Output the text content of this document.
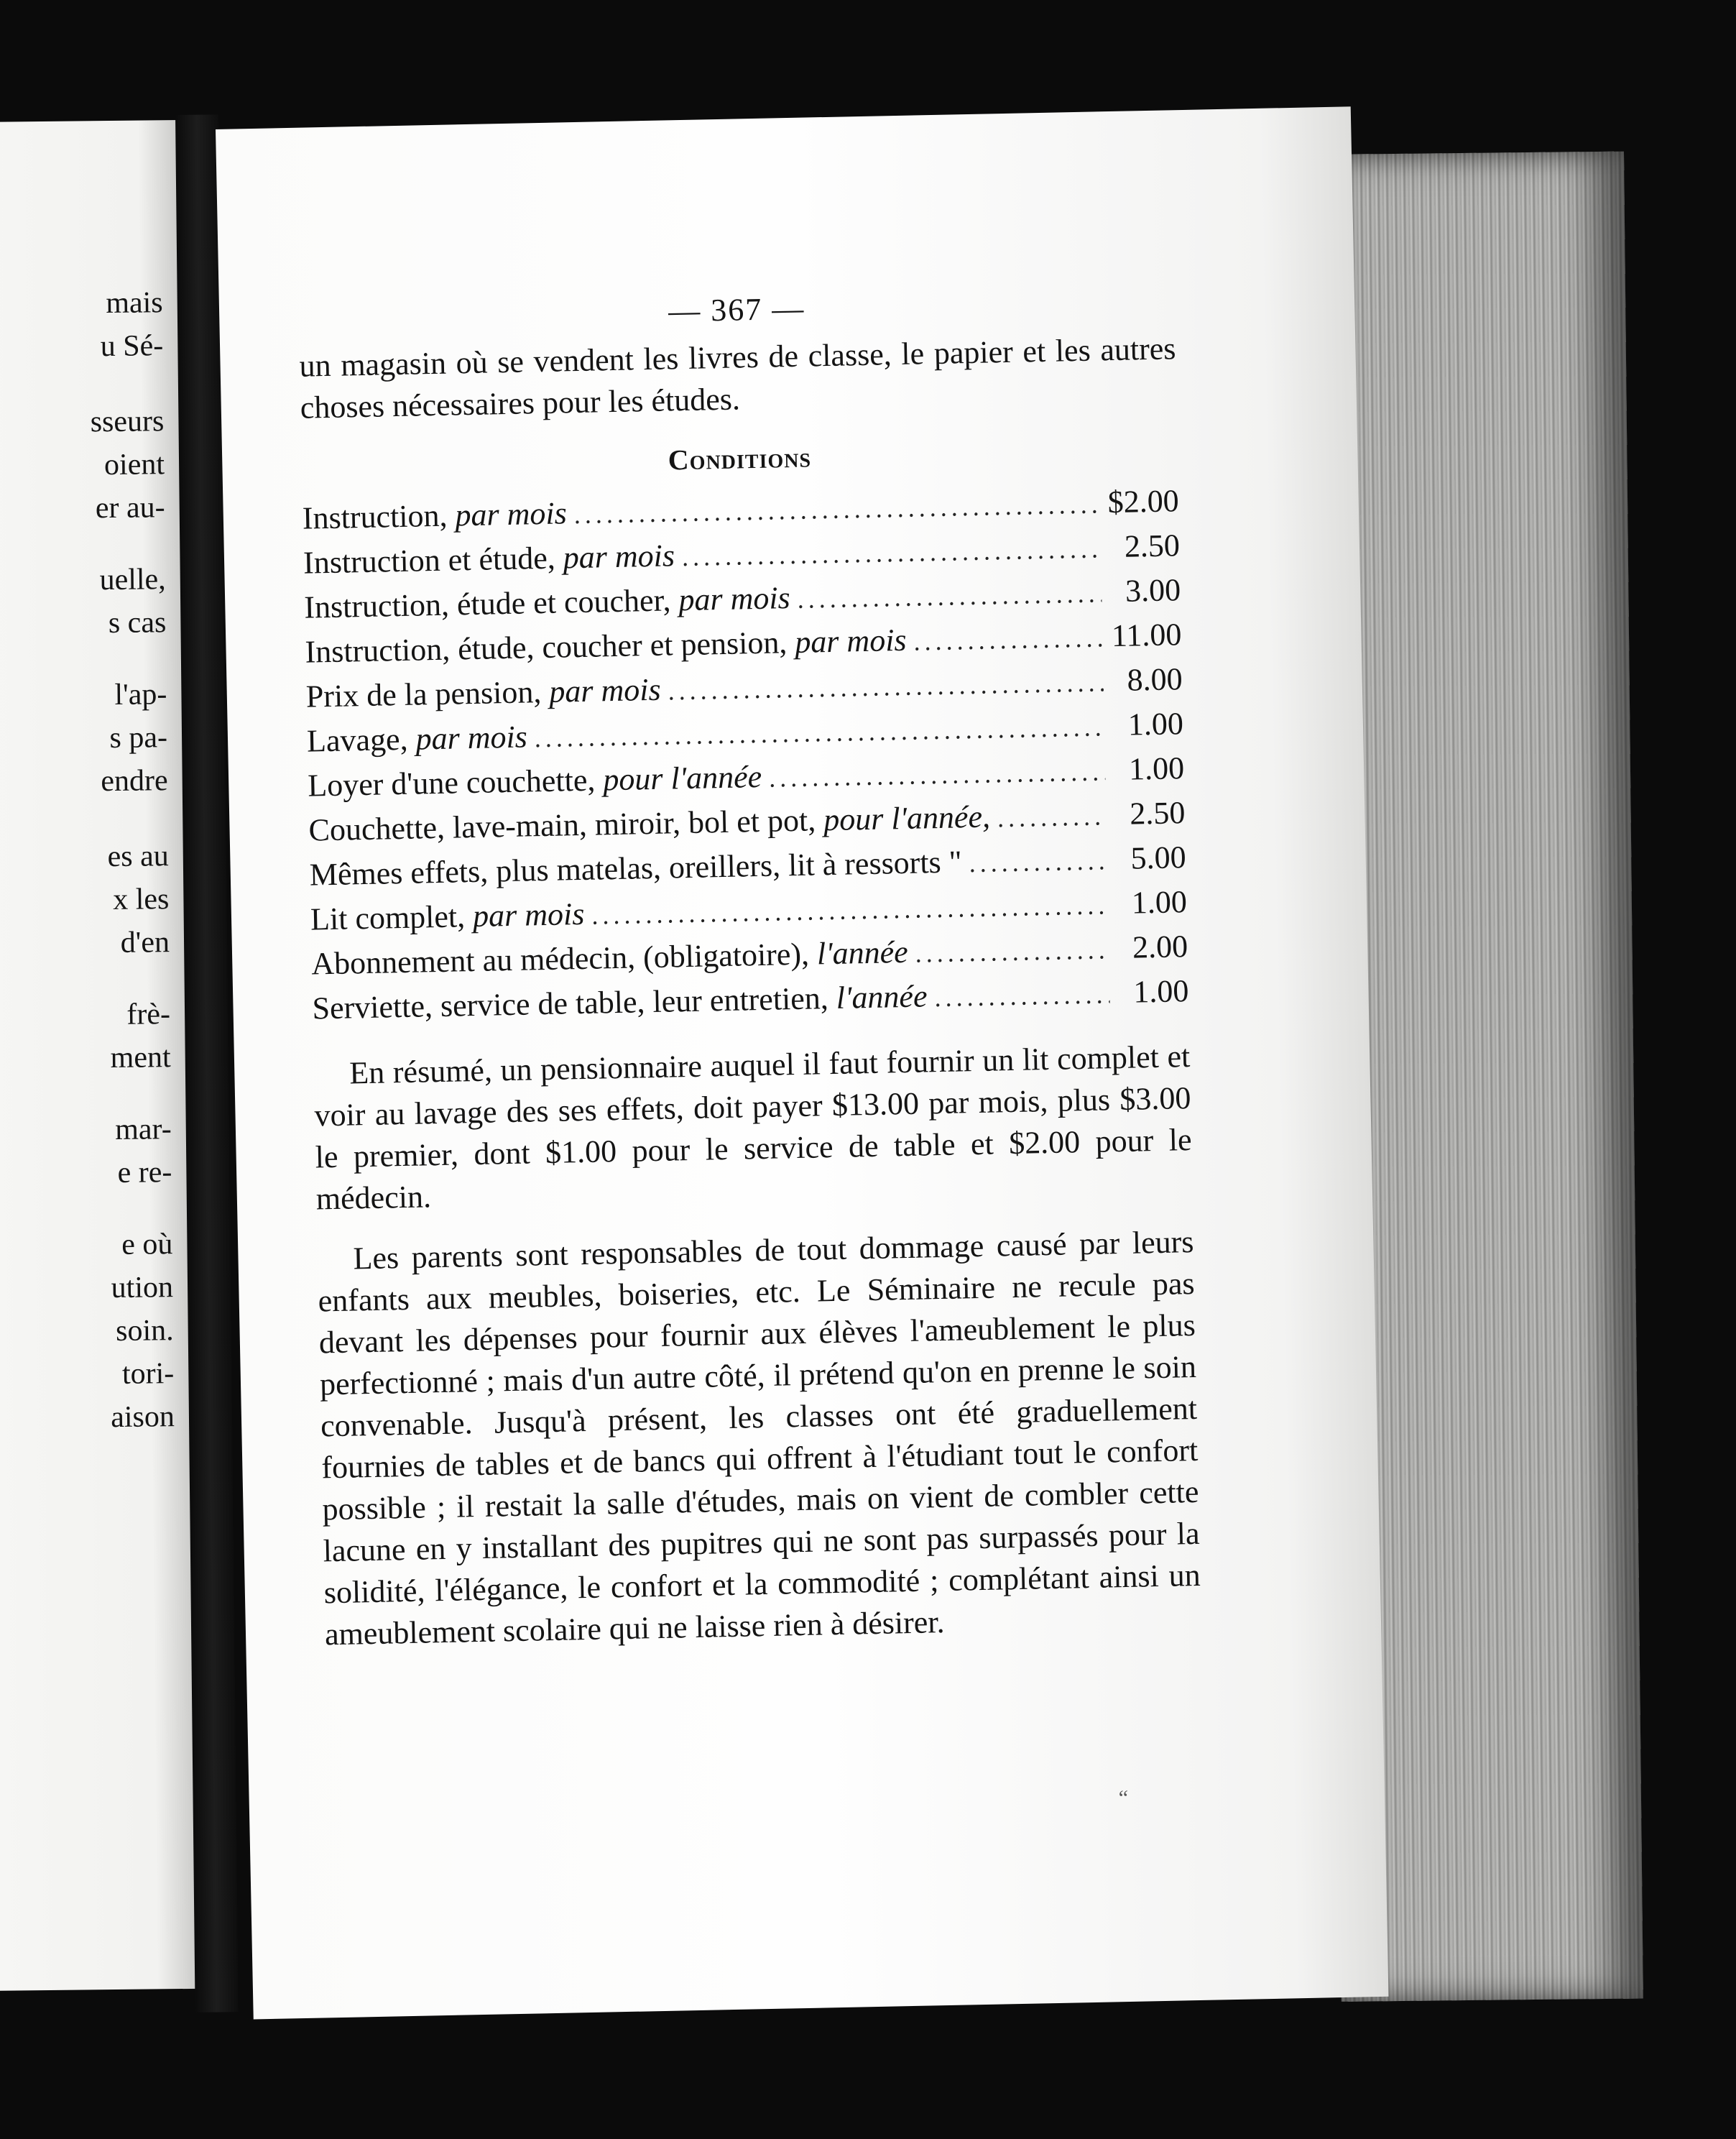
mais

u Sé-

sseurs

oient

er au-

uelle,

s cas

l'ap-

s pa-

endre

es au

x les

d'en

frè-

ment

mar-

e re-

e où

ution

soin.

tori-

aison

— 367 —

un magasin où se vendent les livres de classe, le papier et les autres choses nécessaires pour les études.

Conditions
Instruction, par mois .....	$2.00
Instruction et étude, par mois .....	2.50
Instruction, étude et coucher, par mois .....	3.00
Instruction, étude, coucher et pension, par mois .....	11.00
Prix de la pension, par mois .....	8.00
Lavage, par mois .....	1.00
Loyer d'une couchette, pour l'année .....	1.00
Couchette, lave-main, miroir, bol et pot, pour l'année, .....	2.50
Mêmes effets, plus matelas, oreillers, lit à ressorts " .....	5.00
Lit complet, par mois .....	1.00
Abonnement au médecin, (obligatoire), l'année .....	2.00
Serviette, service de table, leur entretien, l'année .....	1.00

En résumé, un pensionnaire auquel il faut fournir un lit complet et voir au lavage des ses effets, doit payer $13.00 par mois, plus $3.00 le premier, dont $1.00 pour le service de table et $2.00 pour le médecin.

Les parents sont responsables de tout dommage causé par leurs enfants aux meubles, boiseries, etc. Le Séminaire ne recule pas devant les dépenses pour fournir aux élèves l'ameublement le plus perfectionné ; mais d'un autre côté, il prétend qu'on en prenne le soin convenable. Jusqu'à présent, les classes ont été graduellement fournies de tables et de bancs qui offrent à l'étudiant tout le confort possible ; il restait la salle d'études, mais on vient de combler cette lacune en y installant des pupitres qui ne sont pas surpassés pour la solidité, l'élégance, le confort et la commodité ; complétant ainsi un ameublement scolaire qui ne laisse rien à désirer.

“
